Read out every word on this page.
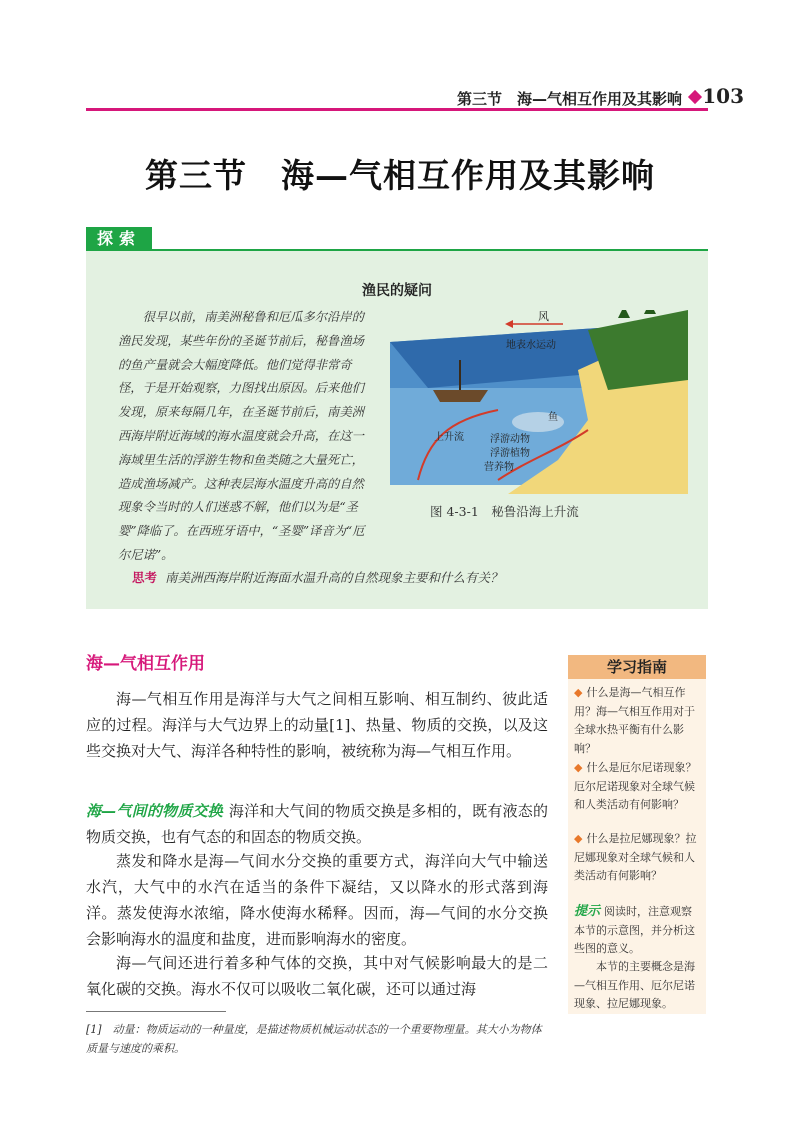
第三节　海—气相互作用及其影响 103
第三节　海—气相互作用及其影响
探索
渔民的疑问
很早以前，南美洲秘鲁和厄瓜多尔沿岸的渔民发现，某些年份的圣诞节前后，秘鲁渔场的鱼产量就会大幅度降低。他们觉得非常奇怪，于是开始观察，力图找出原因。后来他们发现，原来每隔几年，在圣诞节前后，南美洲西海岸附近海域的海水温度就会升高，在这一海域里生活的浮游生物和鱼类随之大量死亡，造成渔场减产。这种表层海水温度升高的自然现象令当时的人们迷惑不解，他们以为是“圣婴”降临了。在西班牙语中，“圣婴”译音为“厄尔尼诺”。
风
地表水运动
鱼
上升流	浮游动物
浮游植物
营养物
图 4-3-1　秘鲁沿海上升流
思考 南美洲西海岸附近海面水温升高的自然现象主要和什么有关？
海—气相互作用
海—气相互作用是海洋与大气之间相互影响、相互制约、彼此适应的过程。海洋与大气边界上的动量[1]、热量、物质的交换，以及这些交换对大气、海洋各种特性的影响，被统称为海—气相互作用。
海—气间的物质交换 海洋和大气间的物质交换是多相的，既有液态的物质交换，也有气态的和固态的物质交换。
蒸发和降水是海—气间水分交换的重要方式，海洋向大气中输送水汽，大气中的水汽在适当的条件下凝结，又以降水的形式落到海洋。蒸发使海水浓缩，降水使海水稀释。因而，海—气间的水分交换会影响海水的温度和盐度，进而影响海水的密度。
海—气间还进行着多种气体的交换，其中对气候影响最大的是二氧化碳的交换。海水不仅可以吸收二氧化碳，还可以通过海
[1]　动量：物质运动的一种量度，是描述物质机械运动状态的一个重要物理量。其大小为物体质量与速度的乘积。
学习指南
◆ 什么是海—气相互作用？海—气相互作用对于全球水热平衡有什么影响？
◆ 什么是厄尔尼诺现象？厄尔尼诺现象对全球气候和人类活动有何影响？
◆ 什么是拉尼娜现象？拉尼娜现象对全球气候和人类活动有何影响？
提示 阅读时，注意观察本节的示意图，并分析这些图的意义。
本节的主要概念是海—气相互作用、厄尔尼诺现象、拉尼娜现象。
